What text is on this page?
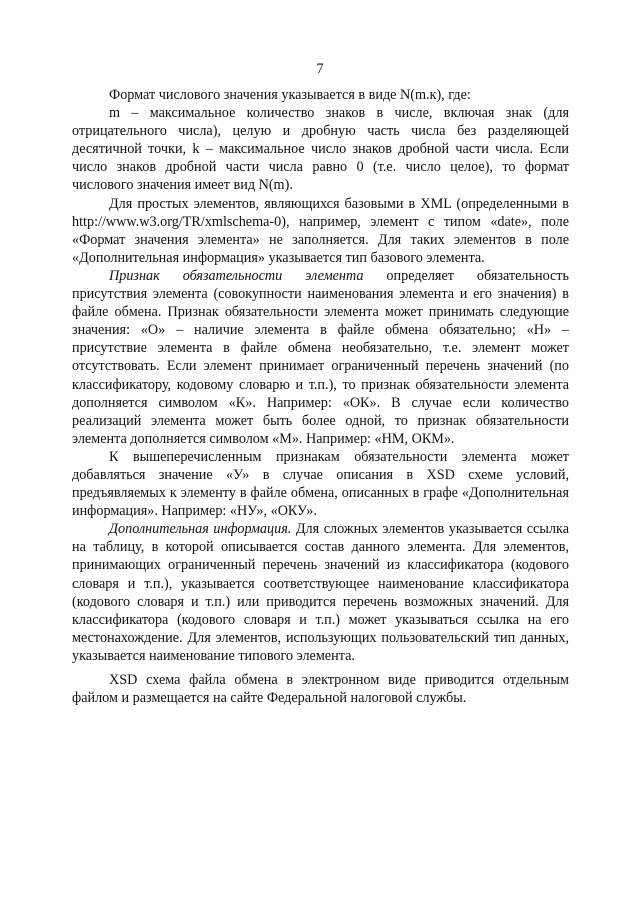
7

Формат числового значения указывается в виде N(m.к), где:

m – максимальное количество знаков в числе, включая знак (для отрицательного числа), целую и дробную часть числа без разделяющей десятичной точки, k – максимальное число знаков дробной части числа. Если число знаков дробной части числа равно 0 (т.е. число целое), то формат числового значения имеет вид N(m).

Для простых элементов, являющихся базовыми в XML (определенными в http://www.w3.org/TR/xmlschema-0), например, элемент с типом «date», поле «Формат значения элемента» не заполняется. Для таких элементов в поле «Дополнительная информация» указывается тип базового элемента.

Признак обязательности элемента определяет обязательность присутствия элемента (совокупности наименования элемента и его значения) в файле обмена. Признак обязательности элемента может принимать следующие значения: «О» – наличие элемента в файле обмена обязательно; «Н» – присутствие элемента в файле обмена необязательно, т.е. элемент может отсутствовать. Если элемент принимает ограниченный перечень значений (по классификатору, кодовому словарю и т.п.), то признак обязательности элемента дополняется символом «К». Например: «ОК». В случае если количество реализаций элемента может быть более одной, то признак обязательности элемента дополняется символом «М». Например: «НМ, ОКМ».

К вышеперечисленным признакам обязательности элемента может добавляться значение «У» в случае описания в XSD схеме условий, предъявляемых к элементу в файле обмена, описанных в графе «Дополнительная информация». Например: «НУ», «ОКУ».

Дополнительная информация. Для сложных элементов указывается ссылка на таблицу, в которой описывается состав данного элемента. Для элементов, принимающих ограниченный перечень значений из классификатора (кодового словаря и т.п.), указывается соответствующее наименование классификатора (кодового словаря и т.п.) или приводится перечень возможных значений. Для классификатора (кодового словаря и т.п.) может указываться ссылка на его местонахождение. Для элементов, использующих пользовательский тип данных, указывается наименование типового элемента.

XSD схема файла обмена в электронном виде приводится отдельным файлом и размещается на сайте Федеральной налоговой службы.
